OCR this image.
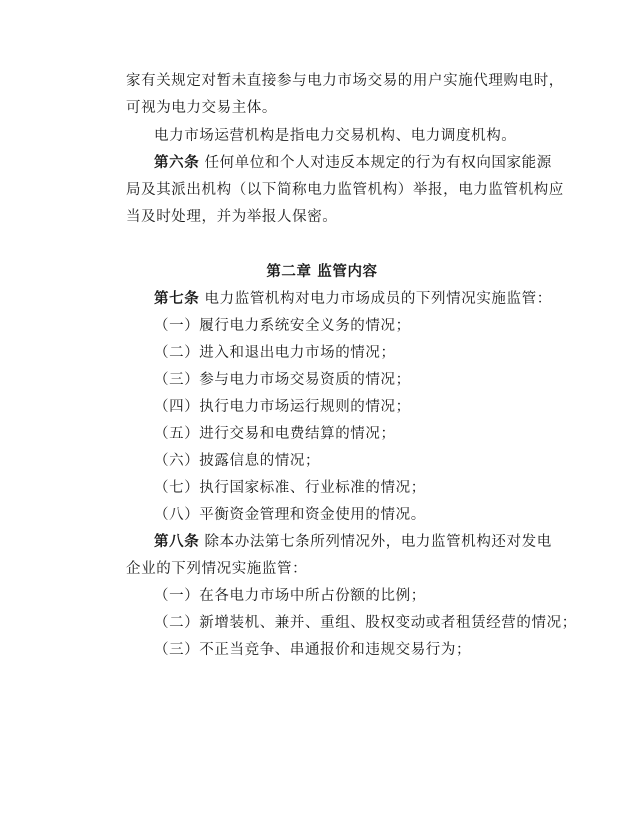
家有关规定对暂未直接参与电力市场交易的用户实施代理购电时，
可视为电力交易主体。
电力市场运营机构是指电力交易机构、电力调度机构。
第六条 任何单位和个人对违反本规定的行为有权向国家能源
局及其派出机构（以下简称电力监管机构）举报，电力监管机构应
当及时处理，并为举报人保密。
第二章 监管内容
第七条 电力监管机构对电力市场成员的下列情况实施监管：
（一）履行电力系统安全义务的情况；
（二）进入和退出电力市场的情况；
（三）参与电力市场交易资质的情况；
（四）执行电力市场运行规则的情况；
（五）进行交易和电费结算的情况；
（六）披露信息的情况；
（七）执行国家标准、行业标准的情况；
（八）平衡资金管理和资金使用的情况。
第八条 除本办法第七条所列情况外，电力监管机构还对发电
企业的下列情况实施监管：
（一）在各电力市场中所占份额的比例；
（二）新增装机、兼并、重组、股权变动或者租赁经营的情况；
（三）不正当竞争、串通报价和违规交易行为；
